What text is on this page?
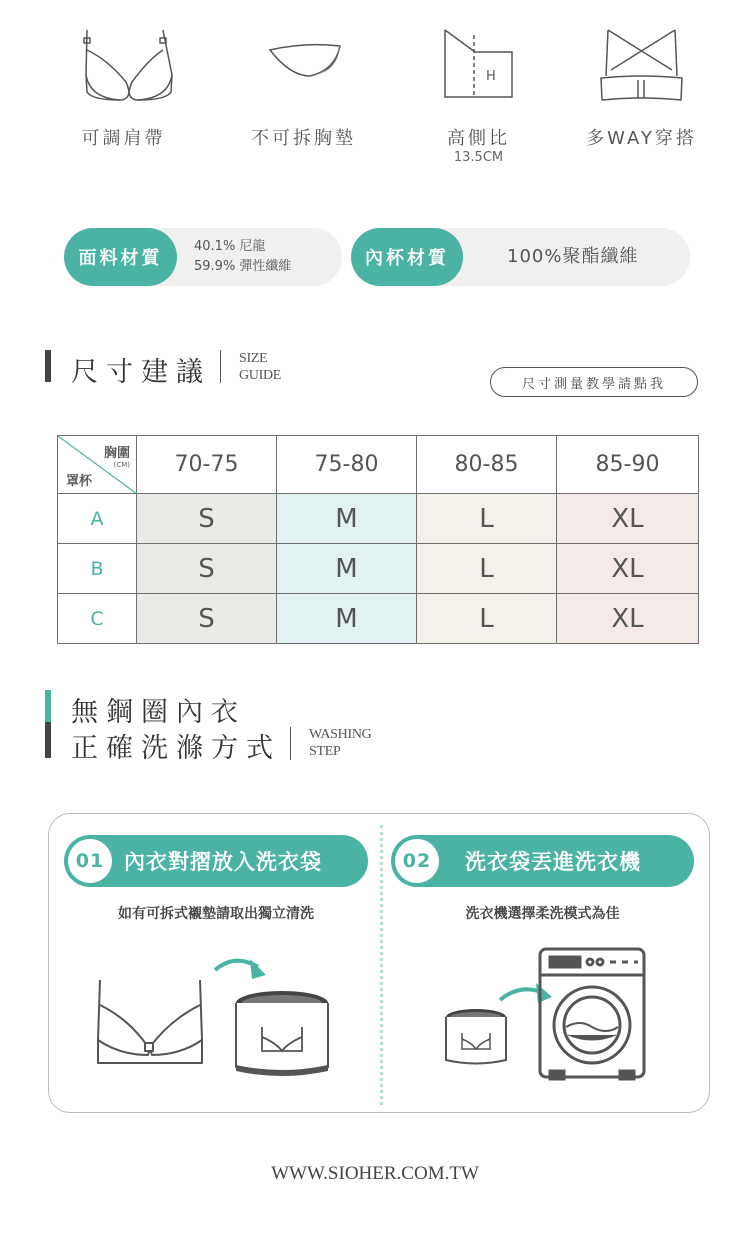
可調肩帶	不可拆胸墊
H
高側比
13.5CM
多WAY穿搭
面料材質
40.1% 尼龍
59.9% 彈性纖維	內杯材質	100%聚酯纖維
尺寸建議 SIZE
GUIDE
尺寸測量教學請點我
胸圍
(CM)
罩杯	70-75	75-80	80-85	85-90
A	S	M	L	XL
B	S	M	L	XL
C	S	M	L	XL
無鋼圈內衣
正確洗滌方式 WASHING
STEP
01 內衣對摺放入洗衣袋
如有可拆式襯墊請取出獨立清洗
02	洗衣袋丟進洗衣機
洗衣機選擇柔洗模式為佳
WWW.SIOHER.COM.TW
